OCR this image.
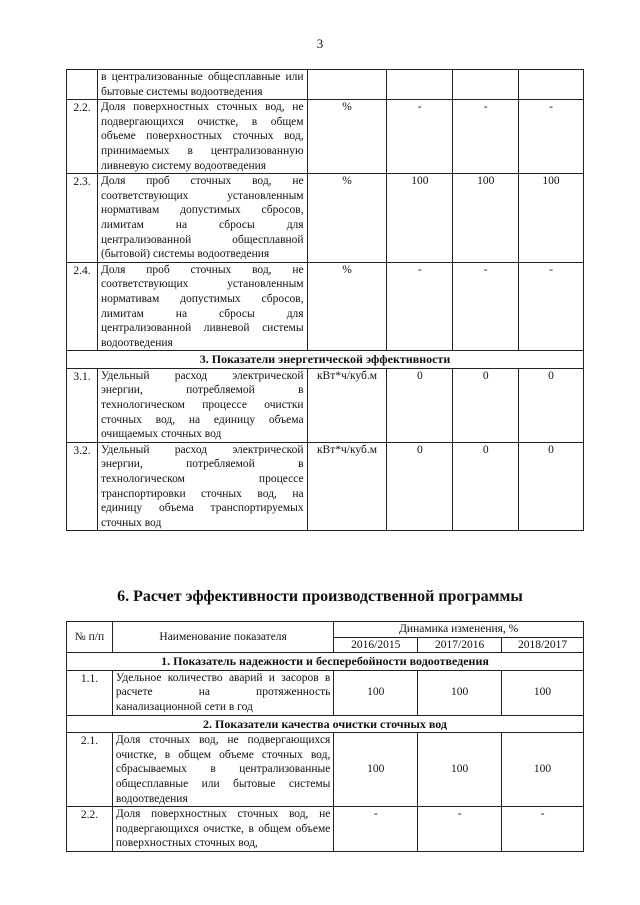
3
	в централизованные общесплавные или бытовые системы водоотведения				
2.2.	Доля поверхностных сточных вод, не подвергающихся очистке, в общем объеме поверхностных сточных вод, принимаемых в централизованную ливневую систему водоотведения	%	-	-	-
2.3.	Доля проб сточных вод, не соответствующих установленным нормативам допустимых сбросов, лимитам на сбросы для централизованной общесплавной (бытовой) системы водоотведения	%	100	100	100
2.4.	Доля проб сточных вод, не соответствующих установленным нормативам допустимых сбросов, лимитам на сбросы для централизованной ливневой системы водоотведения	%	-	-	-
3. Показатели энергетической эффективности					
3.1.	Удельный расход электрической энергии, потребляемой в технологическом процессе очистки сточных вод, на единицу объема очищаемых сточных вод	кВт*ч/куб.м	0	0	0
3.2.	Удельный расход электрической энергии, потребляемой в технологическом процессе транспортировки сточных вод, на единицу объема транспортируемых сточных вод	кВт*ч/куб.м	0	0	0
6. Расчет эффективности производственной программы
№ п/п	Наименование показателя	Динамика изменения, %		
		2016/2015	2017/2016	2018/2017
1. Показатель надежности и бесперебойности водоотведения				
1.1.	Удельное количество аварий и засоров в расчете на протяженность канализационной сети в год	100	100	100
2. Показатели качества очистки сточных вод				
2.1.	Доля сточных вод, не подвергающихся очистке, в общем объеме сточных вод, сбрасываемых в централизованные общесплавные или бытовые системы водоотведения	100	100	100
2.2.	Доля поверхностных сточных вод, не подвергающихся очистке, в общем объеме поверхностных сточных вод,	-	-	-
